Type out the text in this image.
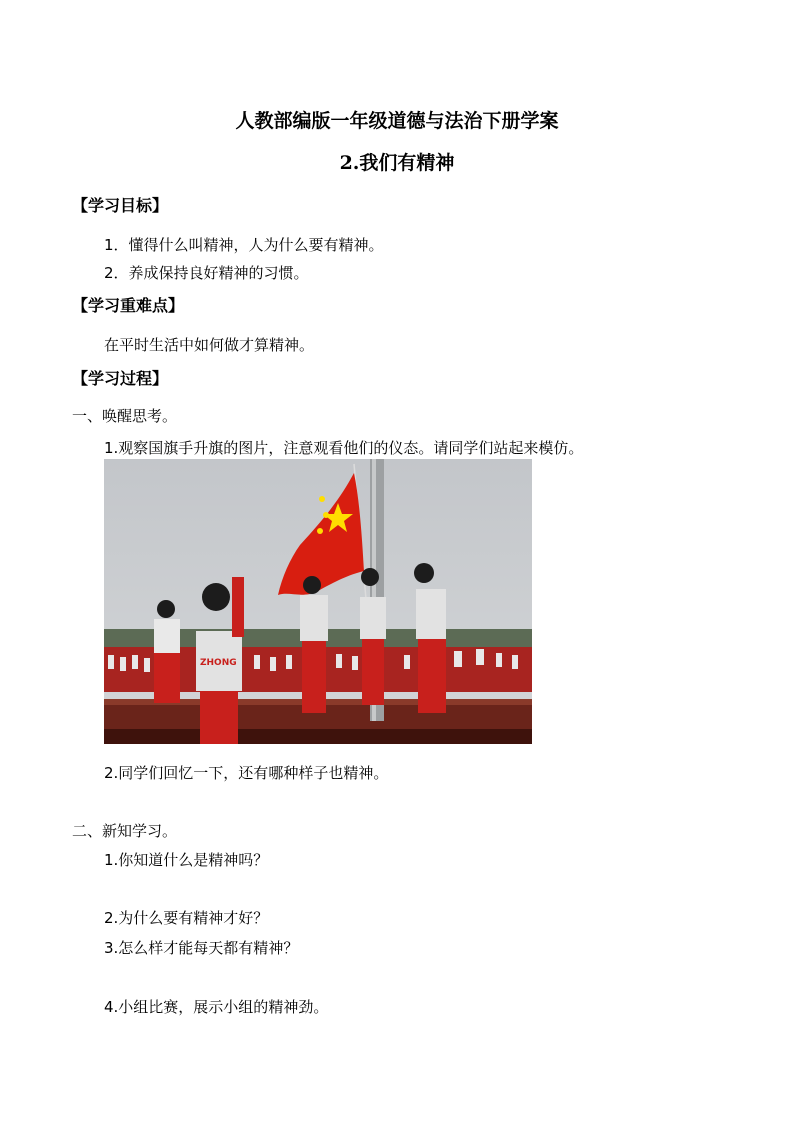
人教部编版一年级道德与法治下册学案
2.我们有精神
【学习目标】
1．懂得什么叫精神，人为什么要有精神。
2．养成保持良好精神的习惯。
【学习重难点】
在平时生活中如何做才算精神。
【学习过程】
一、唤醒思考。
1.观察国旗手升旗的图片，注意观看他们的仪态。请同学们站起来模仿。
ZHONG
2.同学们回忆一下，还有哪种样子也精神。
二、新知学习。
1.你知道什么是精神吗？
2.为什么要有精神才好？
3.怎么样才能每天都有精神？
4.小组比赛，展示小组的精神劲。
